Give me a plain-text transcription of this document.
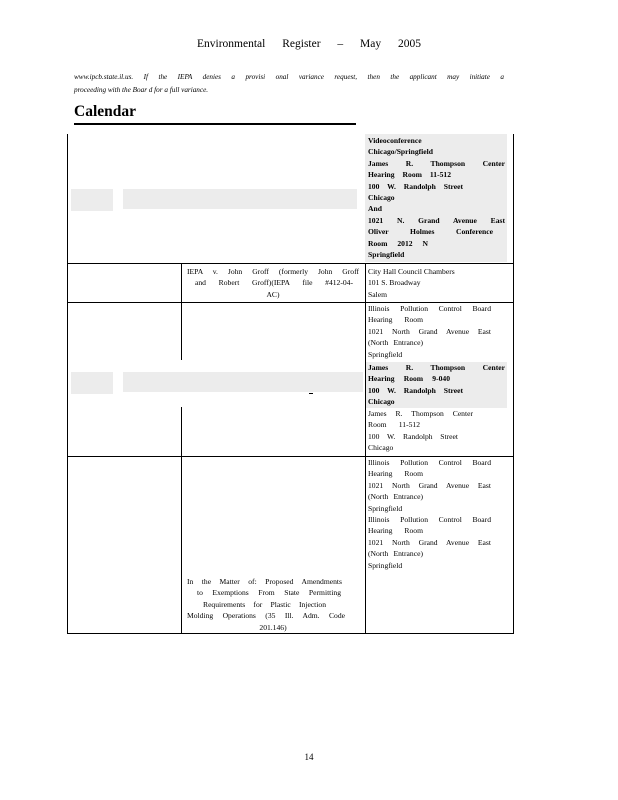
Environmental Register – May 2005
www.ipcb.state.il.us. If the IEPA denies a provisi onal variance request, then the applicant may initiate a
proceeding with the Boar d for a full variance.
Calendar
Videoconference
Chicago/Springfield
James R. Thompson Center
Hearing Room 11-512
100 W. Randolph Street
Chicago
And
1021 N. Grand Avenue East
Oliver Holmes Conference
Room 2012 N
Springfield
IEPA v. John Groff (formerly John Groff
and Robert Groff)(IEPA file #412-04-
AC)
City Hall Council Chambers
101 S. Broadway
Salem
Illinois Pollution Control Board
Hearing Room
1021 North Grand Avenue East
(North Entrance)
Springfield
James R. Thompson Center
Hearing Room 9-040
100 W. Randolph Street
Chicago
James R. Thompson Center
Room 11-512
100 W. Randolph Street
Chicago
Illinois Pollution Control Board
Hearing Room
1021 North Grand Avenue East
(North Entrance)
Springfield
Illinois Pollution Control Board
Hearing Room
1021 North Grand Avenue East
(North Entrance)
Springfield
In the Matter of: Proposed Amendments
to Exemptions From State Permitting
Requirements for Plastic Injection
Molding Operations (35 Ill. Adm. Code
201.146)
14
